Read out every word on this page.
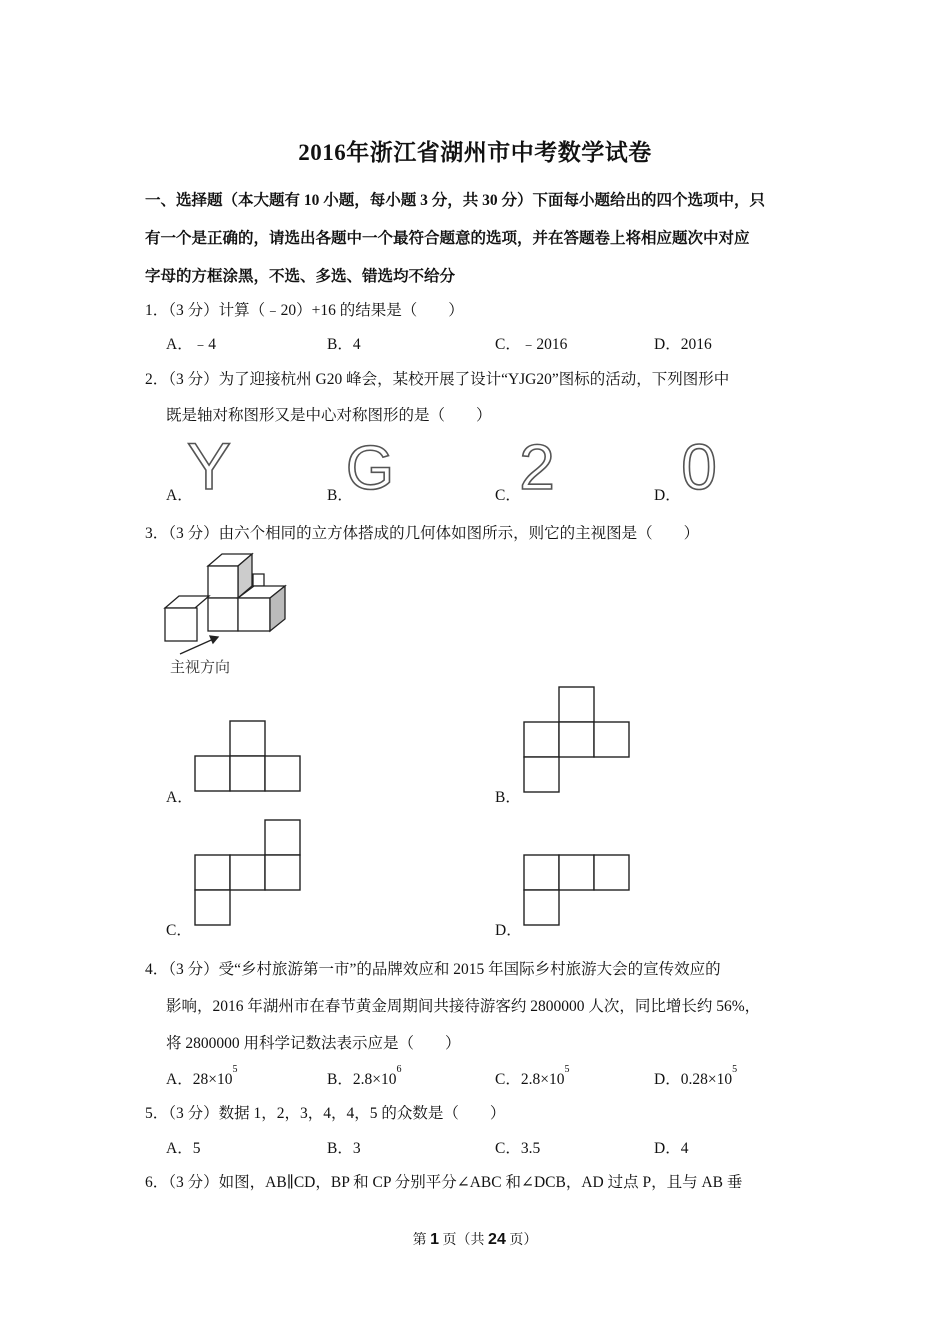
2016年浙江省湖州市中考数学试卷
一、选择题（本大题有 10 小题，每小题 3 分，共 30 分）下面每小题给出的四个选项中，只
有一个是正确的，请选出各题中一个最符合题意的选项，并在答题卷上将相应题次中对应
字母的方框涂黑，不选、多选、错选均不给分
1．（3 分）计算（﹣20）+16 的结果是（　　）
A．﹣4	B．4	C．﹣2016	D．2016
2．（3 分）为了迎接杭州 G20 峰会，某校开展了设计“YJG20”图标的活动，下列图形中
既是轴对称图形又是中心对称图形的是（　　）
A．
Y	B．
G	C．
2	D． 0
3．（3 分）由六个相同的立方体搭成的几何体如图所示，则它的主视图是（　　）
主视方向
A．	B．
C．	D．
4．（3 分）受“乡村旅游第一市”的品牌效应和 2015 年国际乡村旅游大会的宣传效应的
影响，2016 年湖州市在春节黄金周期间共接待游客约 2800000 人次，同比增长约 56%，
将 2800000 用科学记数法表示应是（　　）
A．$28\times 10^5$
B．$2.8\times 10^6$
C．$2.8\times 10^5$
D．$0.28\times 10^5$
5．（3 分）数据 1，2，3，4，4，5 的众数是（　　）
A．5	B．3	C．3.5	D．4
6．（3 分）如图，AB∥CD，BP 和 CP 分别平分∠ABC 和∠DCB，AD 过点 P，且与 AB 垂
第 1 页（共 24 页）
